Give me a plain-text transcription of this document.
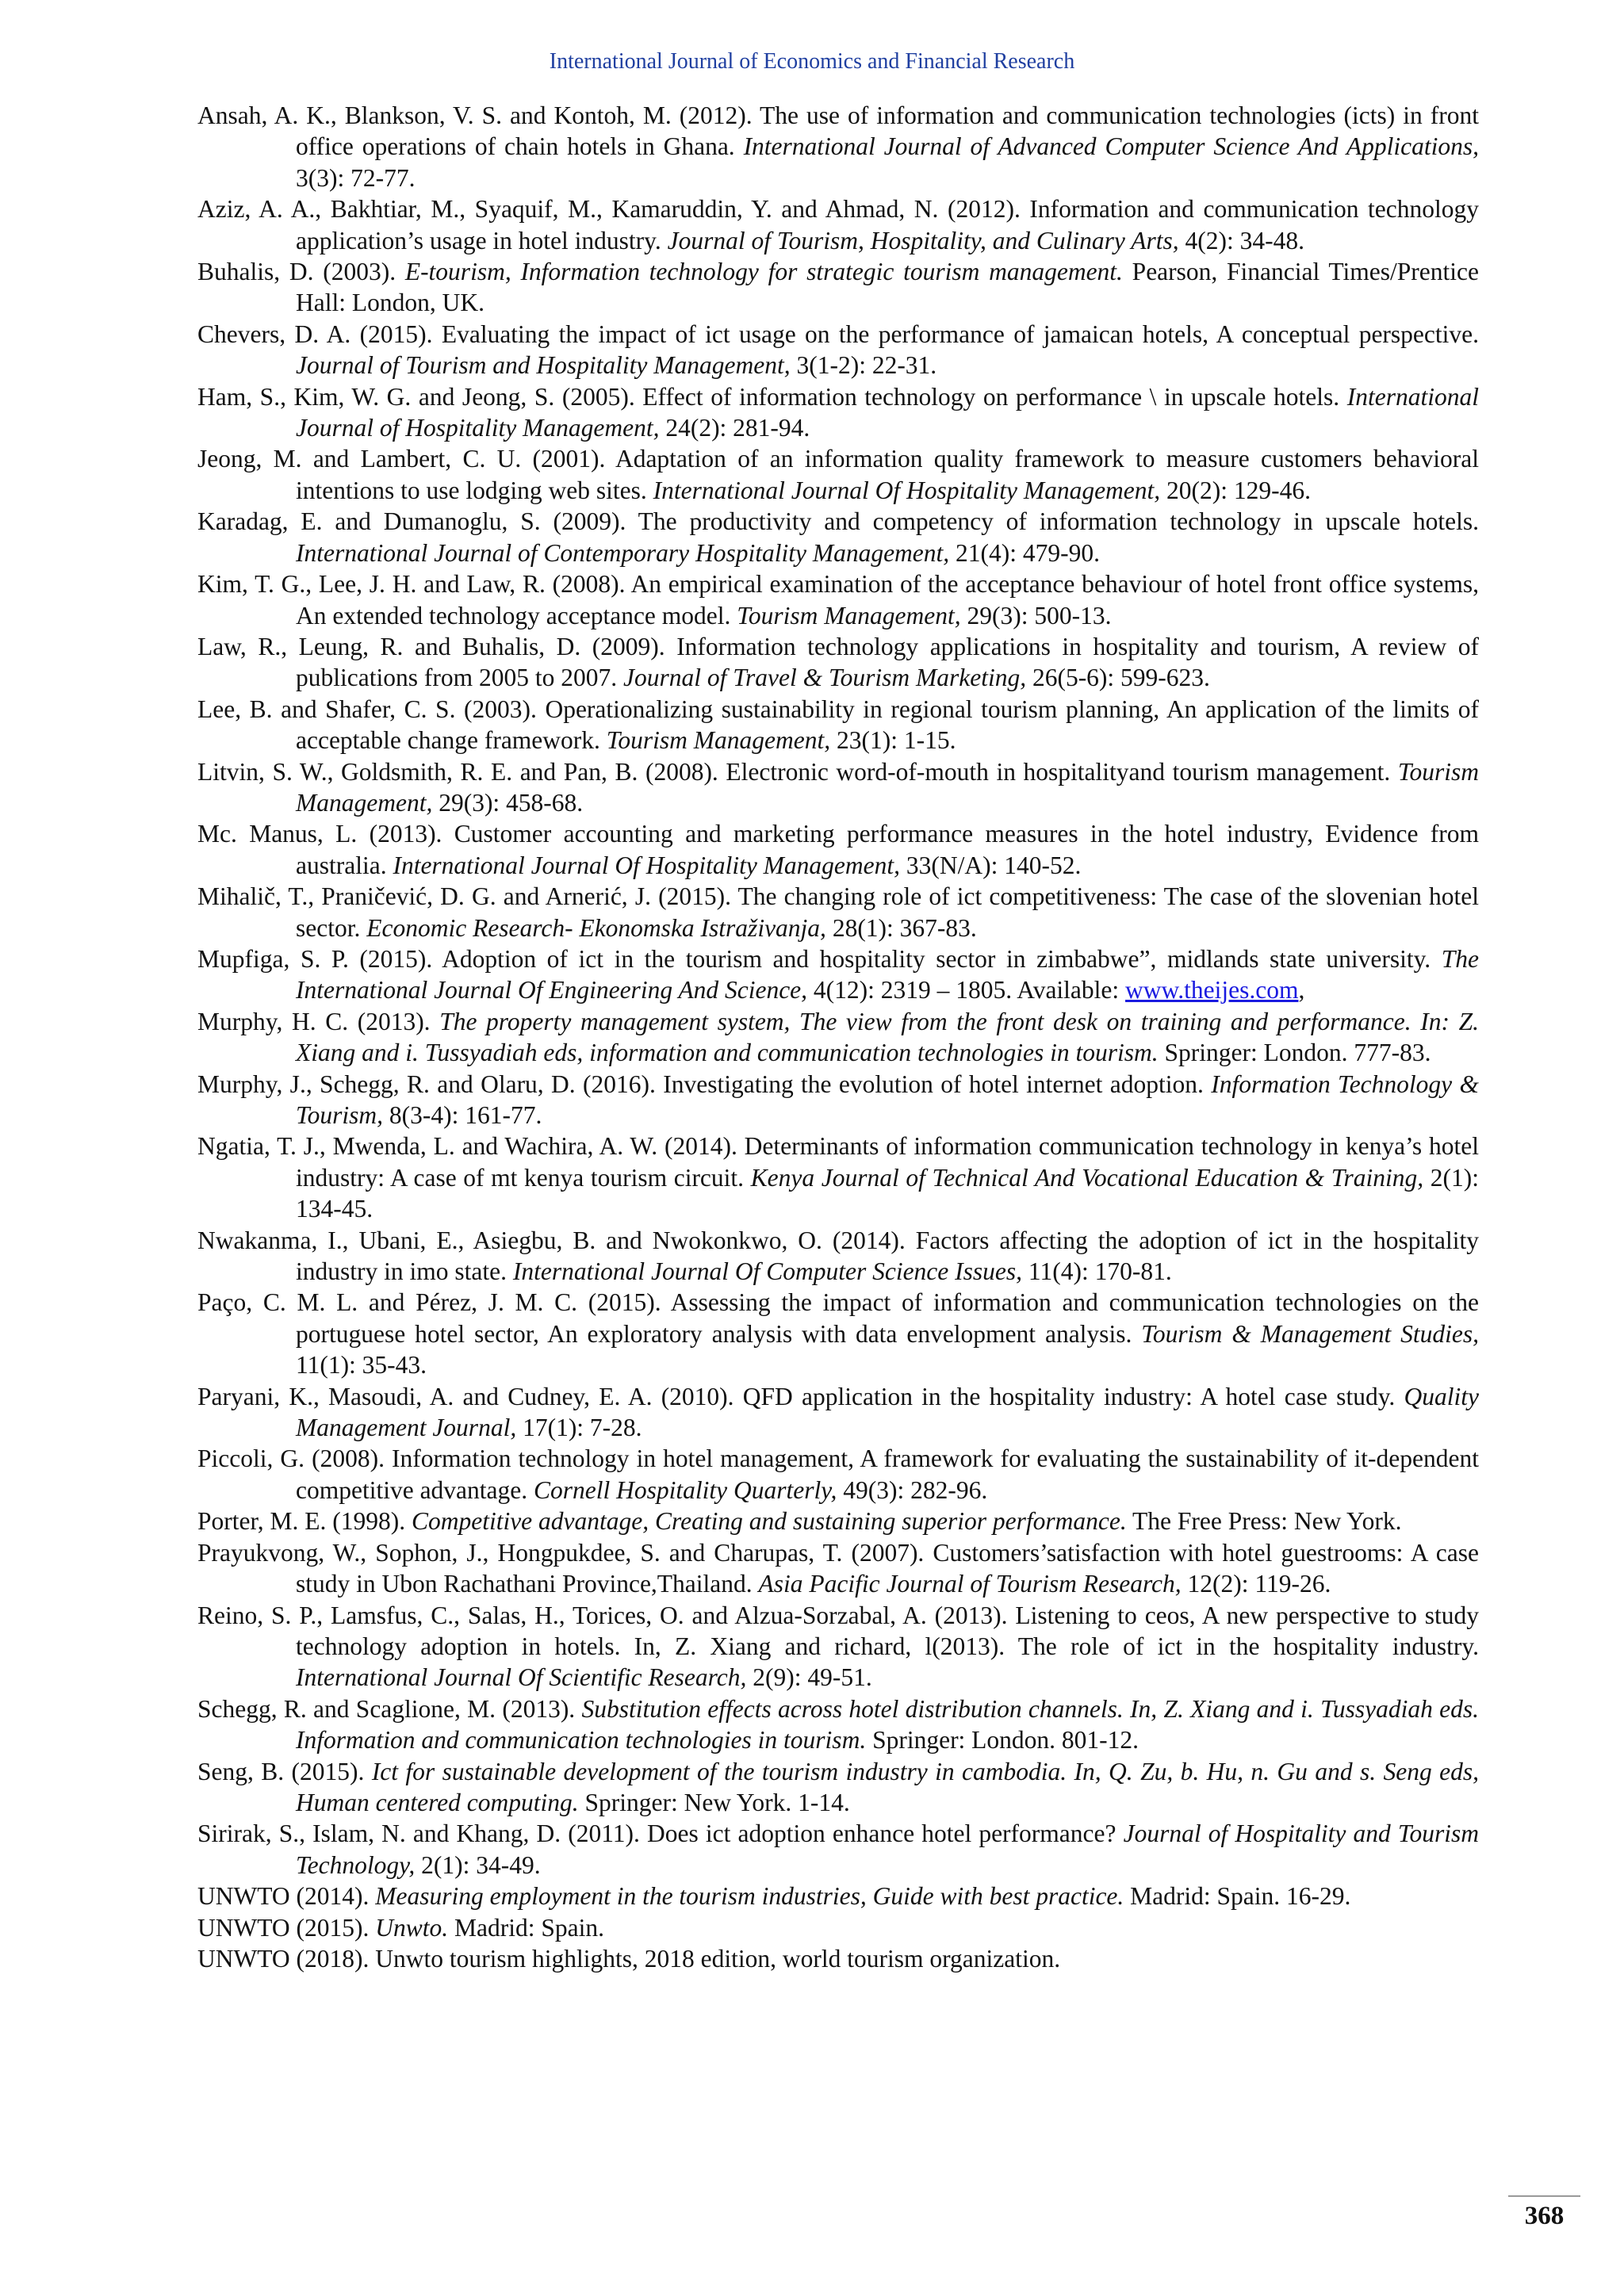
International Journal of Economics and Financial Research

Ansah, A. K., Blankson, V. S. and Kontoh, M. (2012). The use of information and communication technologies (icts) in front office operations of chain hotels in Ghana. International Journal of Advanced Computer Science And Applications, 3(3): 72-77.

Aziz, A. A., Bakhtiar, M., Syaquif, M., Kamaruddin, Y. and Ahmad, N. (2012). Information and communication technology application’s usage in hotel industry. Journal of Tourism, Hospitality, and Culinary Arts, 4(2): 34-48.

Buhalis, D. (2003). E-tourism, Information technology for strategic tourism management. Pearson, Financial Times/Prentice Hall: London, UK.

Chevers, D. A. (2015). Evaluating the impact of ict usage on the performance of jamaican hotels, A conceptual perspective. Journal of Tourism and Hospitality Management, 3(1-2): 22-31.

Ham, S., Kim, W. G. and Jeong, S. (2005). Effect of information technology on performance \ in upscale hotels. International Journal of Hospitality Management, 24(2): 281-94.

Jeong, M. and Lambert, C. U. (2001). Adaptation of an information quality framework to measure customers behavioral intentions to use lodging web sites. International Journal Of Hospitality Management, 20(2): 129-46.

Karadag, E. and Dumanoglu, S. (2009). The productivity and competency of information technology in upscale hotels. International Journal of Contemporary Hospitality Management, 21(4): 479-90.

Kim, T. G., Lee, J. H. and Law, R. (2008). An empirical examination of the acceptance behaviour of hotel front office systems, An extended technology acceptance model. Tourism Management, 29(3): 500-13.

Law, R., Leung, R. and Buhalis, D. (2009). Information technology applications in hospitality and tourism, A review of publications from 2005 to 2007. Journal of Travel & Tourism Marketing, 26(5-6): 599-623.

Lee, B. and Shafer, C. S. (2003). Operationalizing sustainability in regional tourism planning, An application of the limits of acceptable change framework. Tourism Management, 23(1): 1-15.

Litvin, S. W., Goldsmith, R. E. and Pan, B. (2008). Electronic word-of-mouth in hospitalityand tourism management. Tourism Management, 29(3): 458-68.

Mc. Manus, L. (2013). Customer accounting and marketing performance measures in the hotel industry, Evidence from australia. International Journal Of Hospitality Management, 33(N/A): 140-52.

Mihalič, T., Praničević, D. G. and Arnerić, J. (2015). The changing role of ict competitiveness: The case of the slovenian hotel sector. Economic Research- Ekonomska Istraživanja, 28(1): 367-83.

Mupfiga, S. P. (2015). Adoption of ict in the tourism and hospitality sector in zimbabwe”, midlands state university. The International Journal Of Engineering And Science, 4(12): 2319 – 1805. Available: www.theijes.com,

Murphy, H. C. (2013). The property management system, The view from the front desk on training and performance. In: Z. Xiang and i. Tussyadiah eds, information and communication technologies in tourism. Springer: London. 777-83.

Murphy, J., Schegg, R. and Olaru, D. (2016). Investigating the evolution of hotel internet adoption. Information Technology & Tourism, 8(3-4): 161-77.

Ngatia, T. J., Mwenda, L. and Wachira, A. W. (2014). Determinants of information communication technology in kenya’s hotel industry: A case of mt kenya tourism circuit. Kenya Journal of Technical And Vocational Education & Training, 2(1): 134-45.

Nwakanma, I., Ubani, E., Asiegbu, B. and Nwokonkwo, O. (2014). Factors affecting the adoption of ict in the hospitality industry in imo state. International Journal Of Computer Science Issues, 11(4): 170-81.

Paço, C. M. L. and Pérez, J. M. C. (2015). Assessing the impact of information and communication technologies on the portuguese hotel sector, An exploratory analysis with data envelopment analysis. Tourism & Management Studies, 11(1): 35-43.

Paryani, K., Masoudi, A. and Cudney, E. A. (2010). QFD application in the hospitality industry: A hotel case study. Quality Management Journal, 17(1): 7-28.

Piccoli, G. (2008). Information technology in hotel management, A framework for evaluating the sustainability of it-dependent competitive advantage. Cornell Hospitality Quarterly, 49(3): 282-96.

Porter, M. E. (1998). Competitive advantage, Creating and sustaining superior performance. The Free Press: New York.

Prayukvong, W., Sophon, J., Hongpukdee, S. and Charupas, T. (2007). Customers’satisfaction with hotel guestrooms: A case study in Ubon Rachathani Province,Thailand. Asia Pacific Journal of Tourism Research, 12(2): 119-26.

Reino, S. P., Lamsfus, C., Salas, H., Torices, O. and Alzua-Sorzabal, A. (2013). Listening to ceos, A new perspective to study technology adoption in hotels. In, Z. Xiang and richard, l(2013). The role of ict in the hospitality industry. International Journal Of Scientific Research, 2(9): 49-51.

Schegg, R. and Scaglione, M. (2013). Substitution effects across hotel distribution channels. In, Z. Xiang and i. Tussyadiah eds. Information and communication technologies in tourism. Springer: London. 801-12.

Seng, B. (2015). Ict for sustainable development of the tourism industry in cambodia. In, Q. Zu, b. Hu, n. Gu and s. Seng eds, Human centered computing. Springer: New York. 1-14.

Sirirak, S., Islam, N. and Khang, D. (2011). Does ict adoption enhance hotel performance? Journal of Hospitality and Tourism Technology, 2(1): 34-49.

UNWTO (2014). Measuring employment in the tourism industries, Guide with best practice. Madrid: Spain. 16-29.

UNWTO (2015). Unwto. Madrid: Spain.

UNWTO (2018). Unwto tourism highlights, 2018 edition, world tourism organization.

368
